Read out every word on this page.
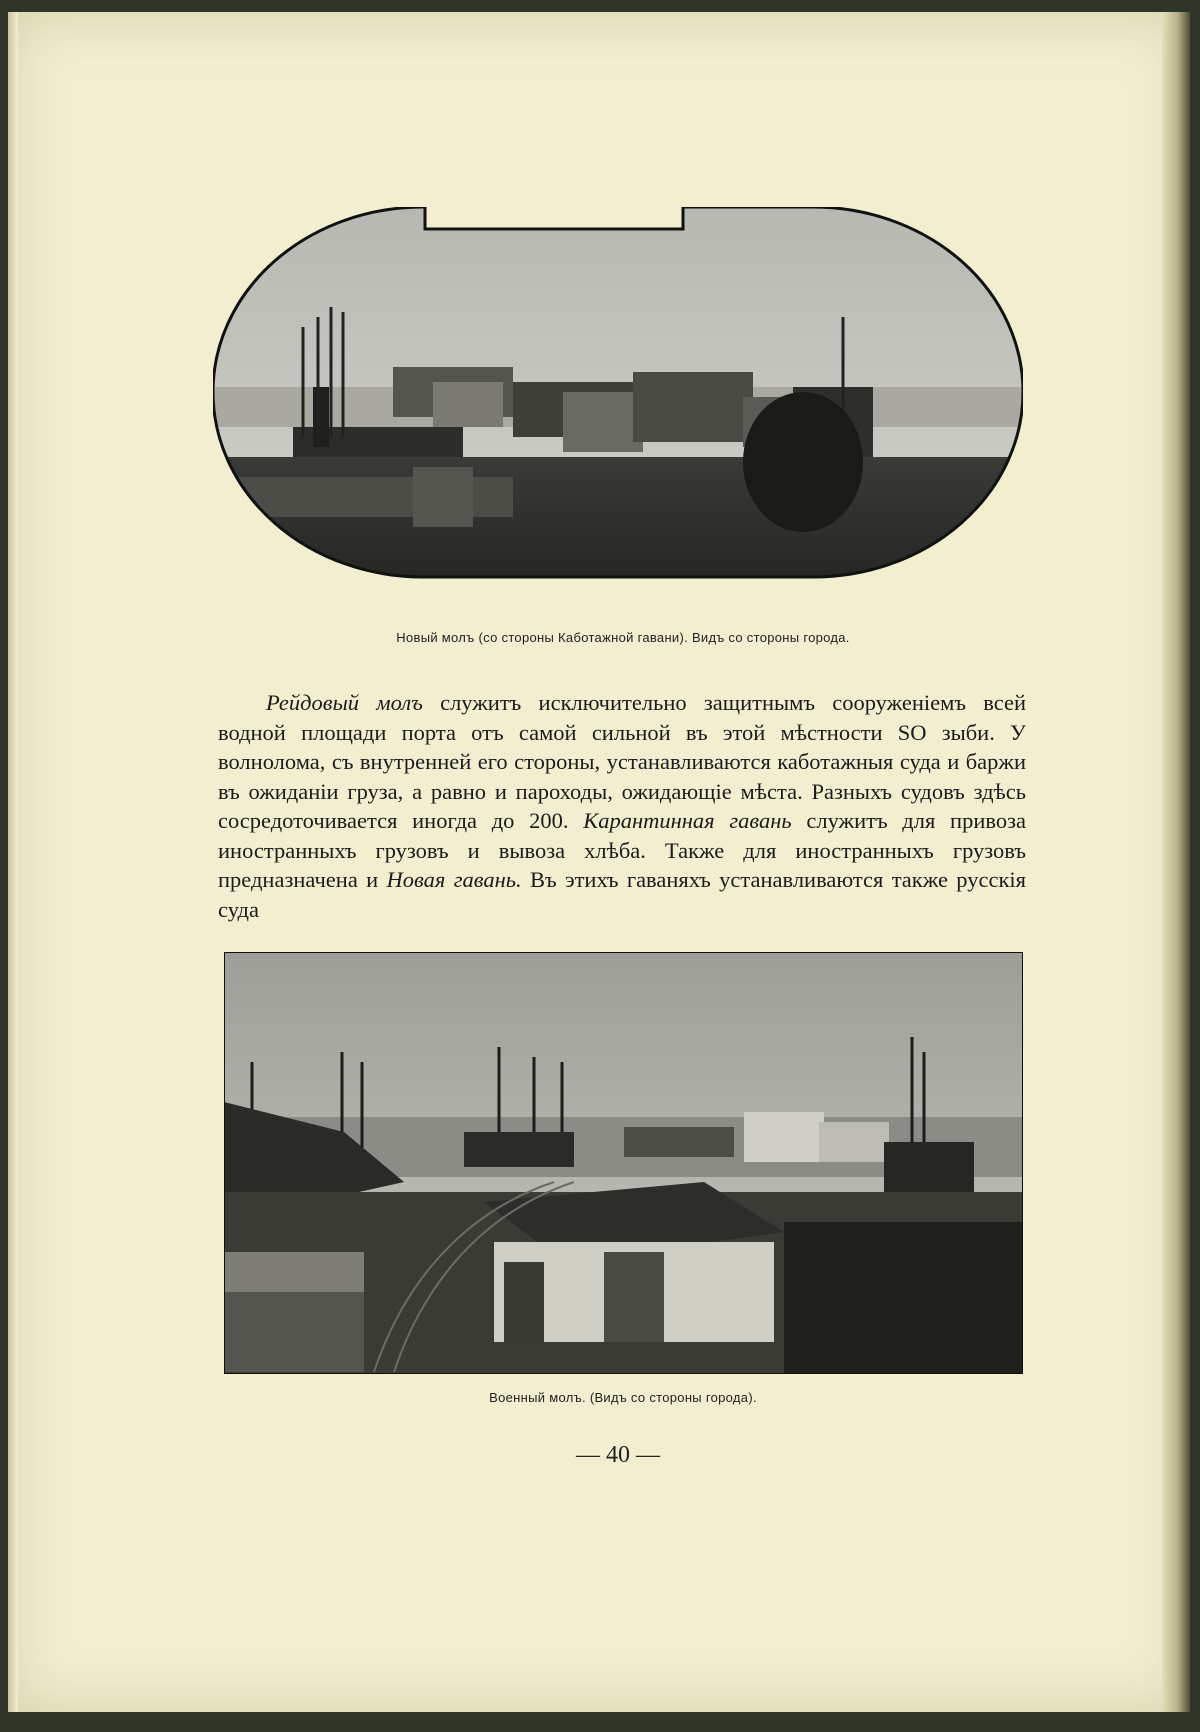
Новый молъ (со стороны Каботажной гавани). Видъ со стороны города.

Рейдовый молъ служитъ исключительно защитнымъ сооруженіемъ всей водной площади порта отъ самой сильной въ этой мѣстности SO зыби. У волнолома, съ внутренней его стороны, устанавливаются каботажныя суда и баржи въ ожиданіи груза, а равно и пароходы, ожидающіе мѣста. Разныхъ судовъ здѣсь сосредоточивается иногда до 200. Карантинная гавань служитъ для привоза иностранныхъ грузовъ и вывоза хлѣба. Также для иностранныхъ грузовъ предназначена и Новая гавань. Въ этихъ гаваняхъ устанавливаются также русскія суда

Военный молъ. (Видъ со стороны города).
— 40 —
